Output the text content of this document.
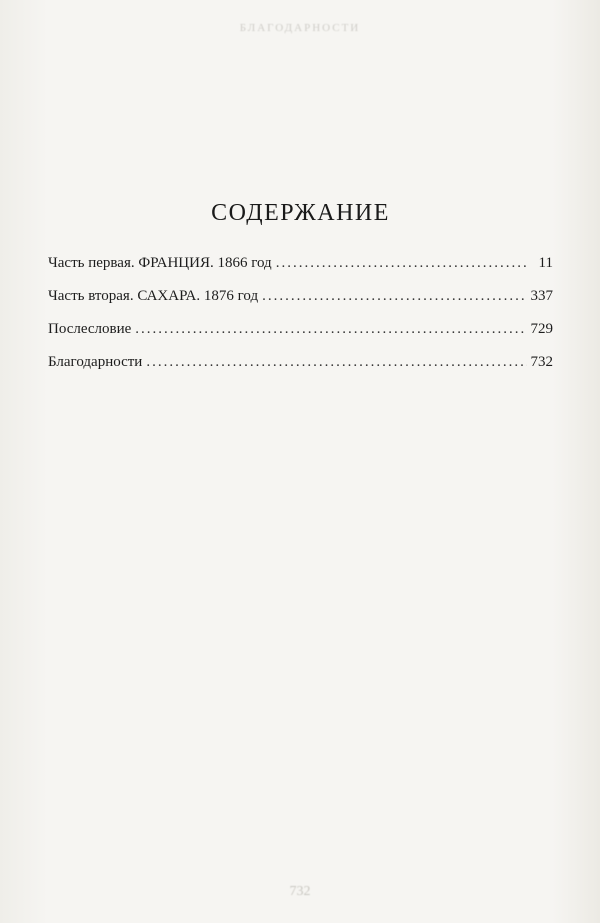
БЛАГОДАРНОСТИ

СОДЕРЖАНИЕ
Часть первая. ФРАНЦИЯ. 1866 год .....	11
Часть вторая. САХАРА. 1876 год .....	337
Послесловие .....	729
Благодарности .....	732
732
